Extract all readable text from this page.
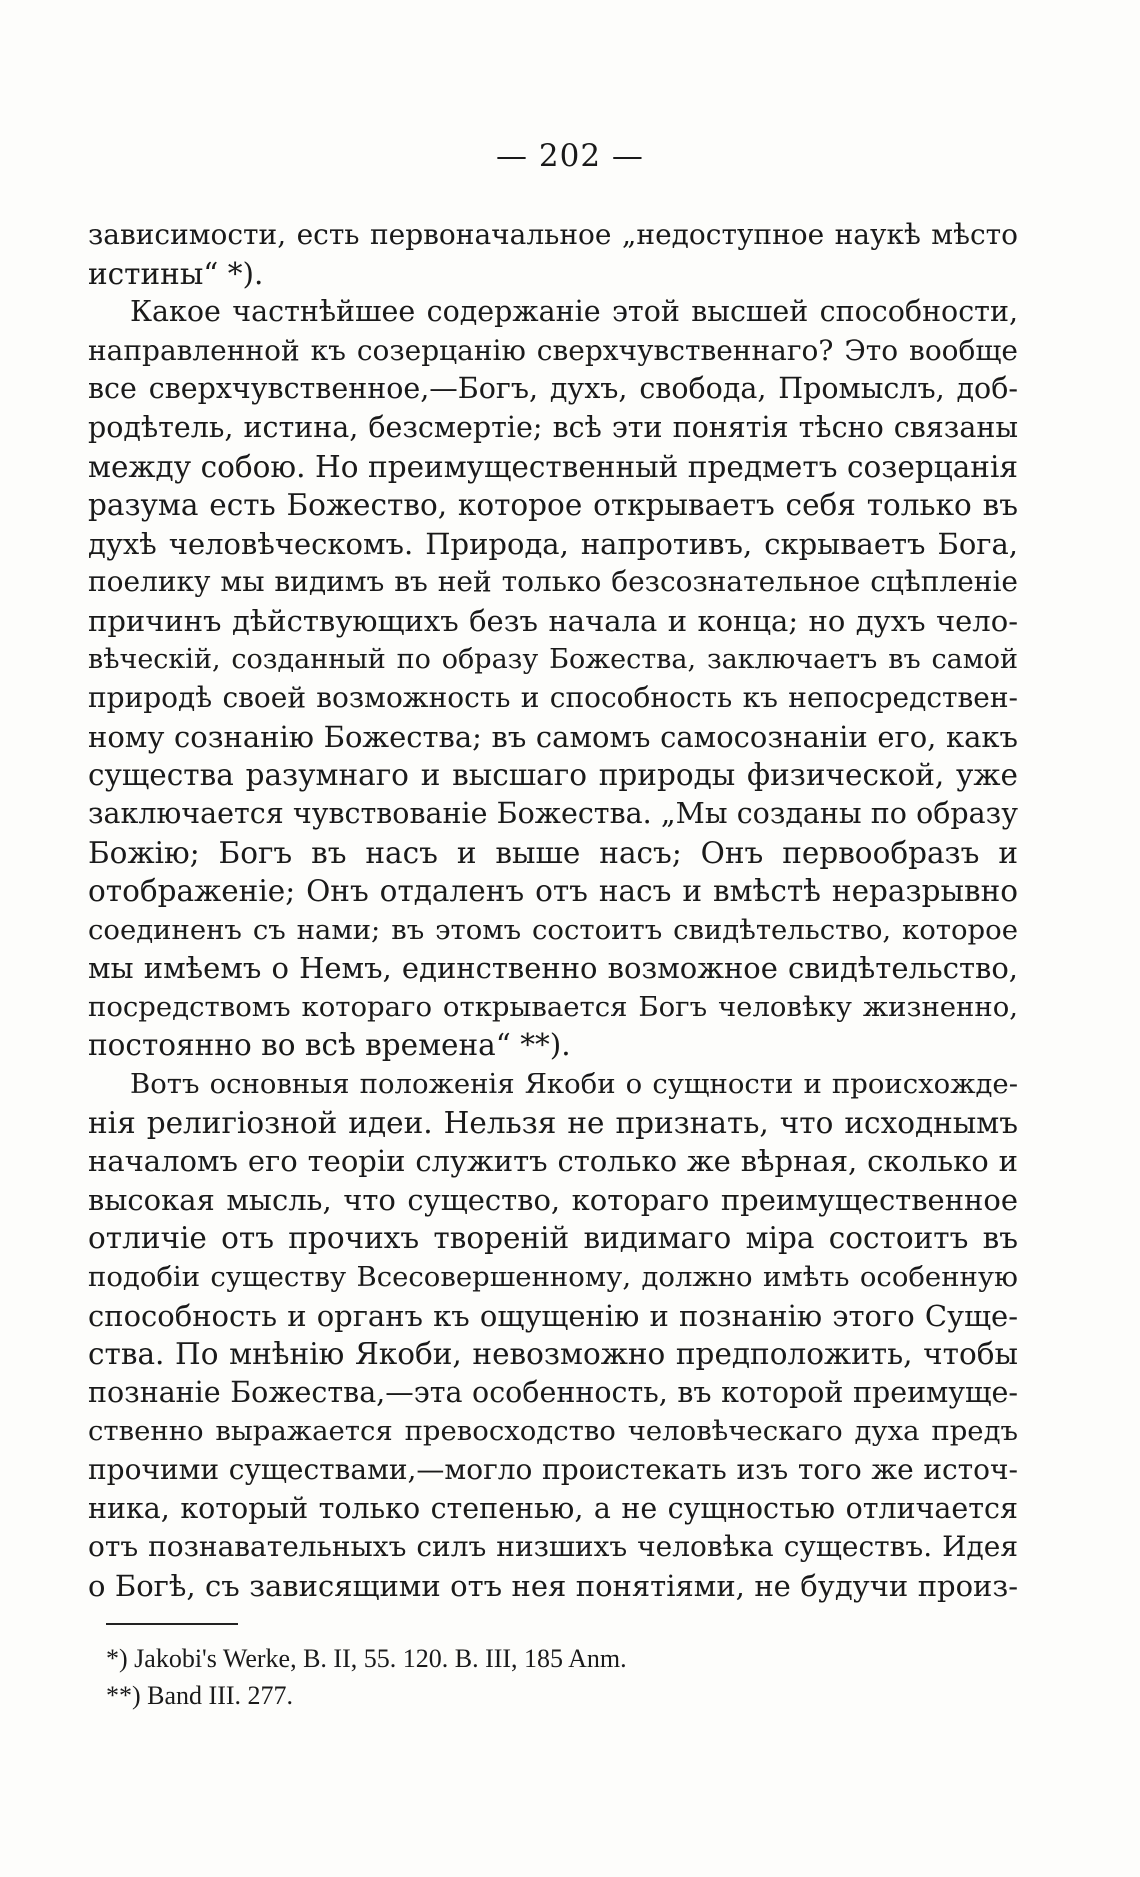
— 202 —
зависимости, есть первоначальное „недоступное наукѣ мѣсто
истины“ *).
Какое частнѣйшее содержаніе этой высшей способности,
направленной къ созерцанію сверхчувственнаго? Это вообще
все сверхчувственное,—Богъ, духъ, свобода, Промыслъ, доб-
родѣтель, истина, безсмертіе; всѣ эти понятія тѣсно связаны
между собою. Но преимущественный предметъ созерцанія
разума есть Божество, которое открываетъ себя только въ
духѣ человѣческомъ. Природа, напротивъ, скрываетъ Бога,
поелику мы видимъ въ ней только безсознательное сцѣпленіе
причинъ дѣйствующихъ безъ начала и конца; но духъ чело-
вѣческій, созданный по образу Божества, заключаетъ въ самой
природѣ своей возможность и способность къ непосредствен-
ному сознанію Божества; въ самомъ самосознаніи его, какъ
существа разумнаго и высшаго природы физической, уже
заключается чувствованіе Божества. „Мы созданы по образу
Божію; Богъ въ насъ и выше насъ; Онъ первообразъ и
отображеніе; Онъ отдаленъ отъ насъ и вмѣстѣ неразрывно
соединенъ съ нами; въ этомъ состоитъ свидѣтельство, которое
мы имѣемъ о Немъ, единственно возможное свидѣтельство,
посредствомъ котораго открывается Богъ человѣку жизненно,
постоянно во всѣ времена“ **).
Вотъ основныя положенія Якоби о сущности и происхожде-
нія религіозной идеи. Нельзя не признать, что исходнымъ
началомъ его теоріи служитъ столько же вѣрная, сколько и
высокая мысль, что существо, котораго преимущественное
отличіе отъ прочихъ твореній видимаго міра состоитъ въ
подобіи существу Всесовершенному, должно имѣть особенную
способность и органъ къ ощущенію и познанію этого Суще-
ства. По мнѣнію Якоби, невозможно предположить, чтобы
познаніе Божества,—эта особенность, въ которой преимуще-
ственно выражается превосходство человѣческаго духа предъ
прочими существами,—могло проистекать изъ того же источ-
ника, который только степенью, а не сущностью отличается
отъ познавательныхъ силъ низшихъ человѣка существъ. Идея
о Богѣ, съ зависящими отъ нея понятіями, не будучи произ-
*) Jakobi's Werke, B. II, 55. 120. B. III, 185 Anm.
**) Band III. 277.
